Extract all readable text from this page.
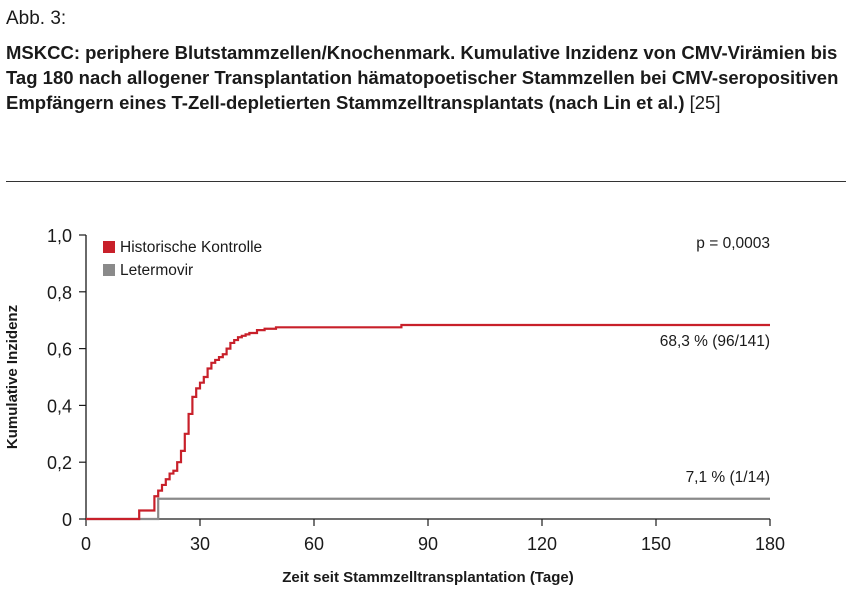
Abb. 3:
MSKCC: periphere Blutstammzellen/Knochenmark. Kumulative Inzidenz von CMV-Virämien bis Tag 180 nach allogener Transplantation hämatopoetischer Stammzellen bei CMV-seropositiven Empfängern eines T-Zell-depletierten Stammzelltransplantats (nach Lin et al.) [25]
0	30	60	90	120	150	180
0
0,2
0,4
0,6
0,8
1,0
Historische Kontrolle
Letermovir
p = 0,0003
68,3 % (96/141)
7,1 % (1/14)
Zeit seit Stammzelltransplantation (Tage)
Kumulative Inzidenz
